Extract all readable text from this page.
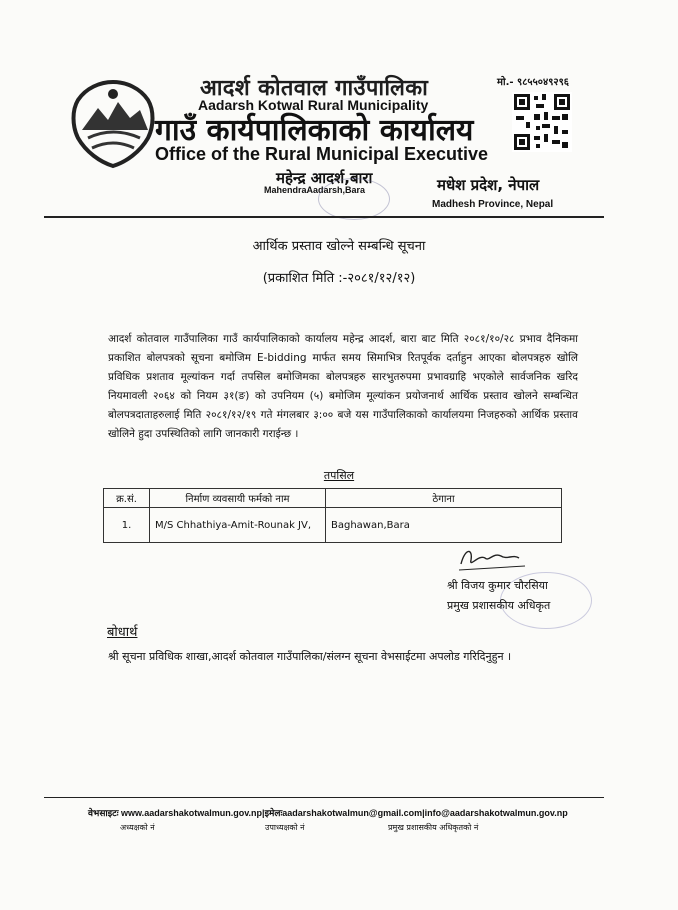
आदर्श कोतवाल गाउँपालिका
Aadarsh Kotwal Rural Municipality
गाउँ कार्यपालिकाको कार्यालय
Office of the Rural Municipal Executive
महेन्द्र आदर्श,बारा
MahendraAadarsh,Bara	मधेश प्रदेश, नेपाल
Madhesh Province, Nepal
मो.- ९८५५०४९२९६
आर्थिक प्रस्ताव खोल्ने सम्बन्धि सूचना
(प्रकाशित मिति :-२०८१/१२/१२)
आदर्श कोतवाल गाउँपालिका गाउँ कार्यपालिकाको कार्यालय महेन्द्र आदर्श, बारा बाट मिति २०८१/१०/२८ प्रभाव दैनिकमा प्रकाशित बोलपत्रको सूचना बमोजिम E-bidding मार्फत समय सिमाभित्र रितपूर्वक दर्ताहुन आएका बोलपत्रहरु खोलि प्रविधिक प्रशताव मूल्यांकन गर्दा तपसिल बमोजिमका बोलपत्रहरु सारभुतरुपमा प्रभावग्राहि भएकोले सार्वजनिक खरिद नियमावली २०६४ को नियम ३१(ङ) को उपनियम (५) बमोजिम मूल्यांकन प्रयोजनार्थ आर्थिक प्रस्ताव खोलने सम्बन्धित बोलपत्रदाताहरुलाई मिति २०८१/१२/१९ गते मंगलबार ३:०० बजे यस गाउँपालिकाको कार्यालयमा निजहरुको आर्थिक प्रस्ताव खोलिने हुदा उपस्थितिको लागि जानकारी गराईन्छ ।
तपसिल
क्र.सं.	निर्माण व्यवसायी फर्मको नाम	ठेगाना
1.	M/S Chhathiya-Amit-Rounak JV,	Baghawan,Bara
श्री विजय कुमार चौरसिया
प्रमुख प्रशासकीय अधिकृत
बोधार्थ
श्री सूचना प्रविधिक शाखा,आदर्श कोतवाल गाउँपालिका/संलग्न सूचना वेभसाईटमा अपलोड गरिदिनुहुन ।
वेभसाइटः www.aadarshakotwalmun.gov.np|इमेलःaadarshakotwalmun@gmail.com|info@aadarshakotwalmun.gov.np
अध्यक्षको नं	उपाध्यक्षको नं	प्रमुख प्रशासकीय अधिकृतको नं
